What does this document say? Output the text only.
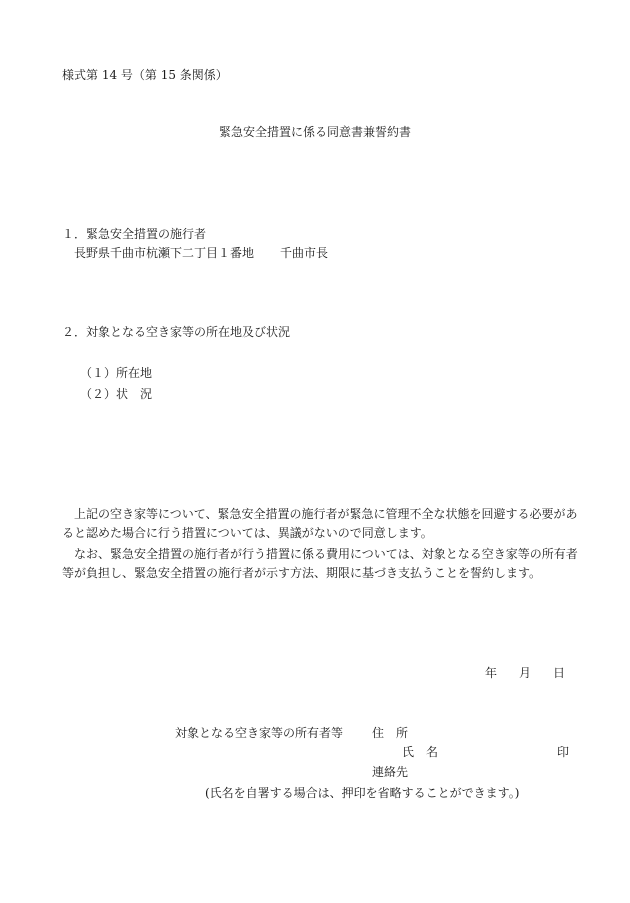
様式第 14 号（第 15 条関係）
緊急安全措置に係る同意書兼誓約書
１．緊急安全措置の施行者
長野県千曲市杭瀬下二丁目１番地 千曲市長
２．対象となる空き家等の所在地及び状況
（１）所在地
（２）状　況
上記の空き家等について、緊急安全措置の施行者が緊急に管理不全な状態を回避する必要があ
ると認めた場合に行う措置については、異議がないので同意します。
なお、緊急安全措置の施行者が行う措置に係る費用については、対象となる空き家等の所有者
等が負担し、緊急安全措置の施行者が示す方法、期限に基づき支払うことを誓約します。
年 月 日
対象となる空き家等の所有者等 住　所
氏　名	印
連絡先
(氏名を自署する場合は、押印を省略することができます。)
